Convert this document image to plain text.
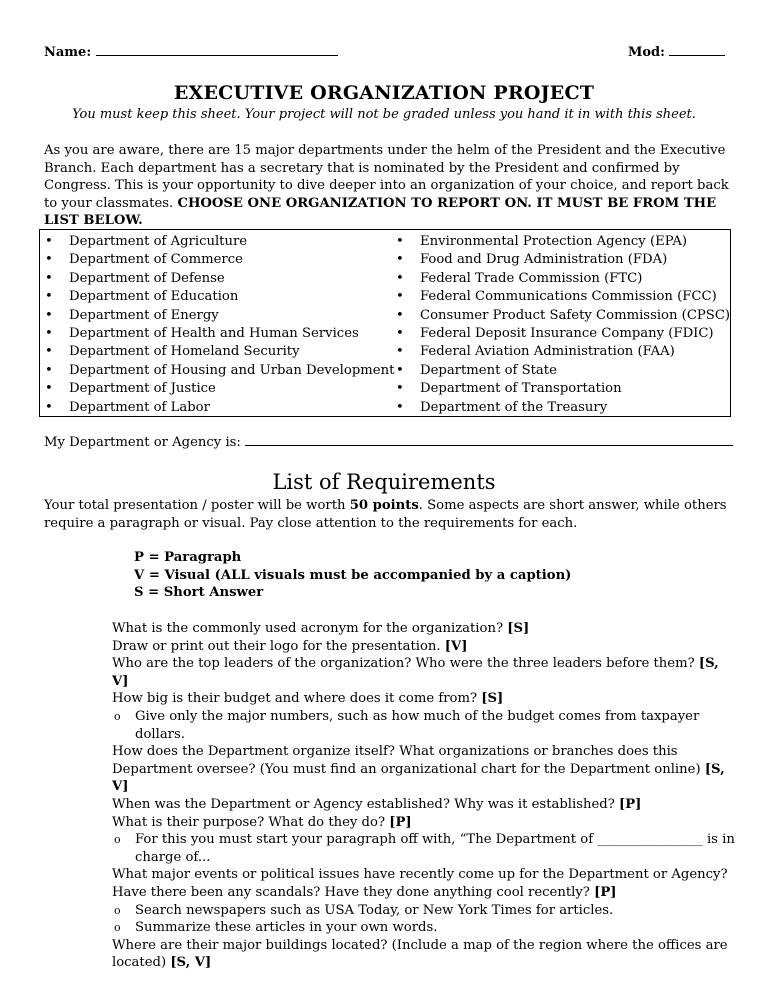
Name:	Mod:
EXECUTIVE ORGANIZATION PROJECT
You must keep this sheet. Your project will not be graded unless you hand it in with this sheet.
As you are aware, there are 15 major departments under the helm of the President and the Executive Branch. Each department has a secretary that is nominated by the President and confirmed by Congress. This is your opportunity to dive deeper into an organization of your choice, and report back to your classmates. CHOOSE ONE ORGANIZATION TO REPORT ON. IT MUST BE FROM THE LIST BELOW.
• Department of Agriculture
• Department of Commerce
• Department of Defense
• Department of Education
• Department of Energy
• Department of Health and Human Services
• Department of Homeland Security
• Department of Housing and Urban Development
• Department of Justice
• Department of Labor
• Environmental Protection Agency (EPA)
• Food and Drug Administration (FDA)
• Federal Trade Commission (FTC)
• Federal Communications Commission (FCC)
• Consumer Product Safety Commission (CPSC)
• Federal Deposit Insurance Company (FDIC)
• Federal Aviation Administration (FAA)
• Department of State
• Department of Transportation
• Department of the Treasury
My Department or Agency is:
List of Requirements
Your total presentation / poster will be worth 50 points. Some aspects are short answer, while others require a paragraph or visual. Pay close attention to the requirements for each.
P = Paragraph
V = Visual (ALL visuals must be accompanied by a caption)
S = Short Answer
What is the commonly used acronym for the organization? [S]
Draw or print out their logo for the presentation. [V]
Who are the top leaders of the organization? Who were the three leaders before them? [S, V]
How big is their budget and where does it come from? [S]
o Give only the major numbers, such as how much of the budget comes from taxpayer dollars.
How does the Department organize itself? What organizations or branches does this Department oversee? (You must find an organizational chart for the Department online) [S, V]
When was the Department or Agency established? Why was it established? [P]
What is their purpose? What do they do? [P]
o For this you must start your paragraph off with, “The Department of ________________ is in charge of...
What major events or political issues have recently come up for the Department or Agency? Have there been any scandals? Have they done anything cool recently? [P]
o Search newspapers such as USA Today, or New York Times for articles.
o Summarize these articles in your own words.
Where are their major buildings located? (Include a map of the region where the offices are located) [S, V]
